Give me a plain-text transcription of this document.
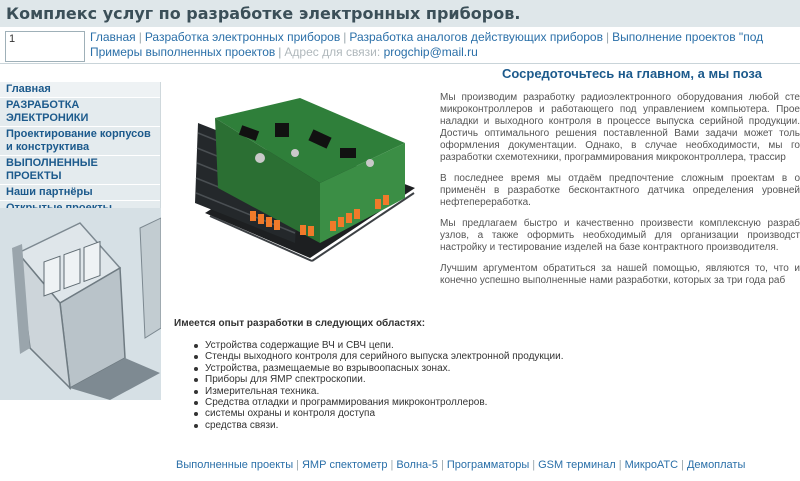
Комплекс услуг по разработке электронных приборов.
1	Главная | Разработка электронных приборов | Разработка аналогов действующих приборов | Выполнение проектов "под
Примеры выполненных проектов | Адрес для связи: progchip@mail.ru
Сосредоточьтесь на главном, а мы поза
Главная
РАЗРАБОТКА ЭЛЕКТРОНИКИ
Проектирование корпусов и конструктива
ВЫПОЛНЕННЫЕ ПРОЕКТЫ
Наши партнёры

Мы производим разработку радиоэлектронного оборудования любой сте микроконтроллеров и работающего под управлением компьютера. Прое наладки и выходного контроля в процессе выпуска серийной продукции. Достичь оптимального решения поставленной Вами задачи может толь оформления документации. Однако, в случае необходимости, мы го разработки схемотехники, программирования микроконтроллера, трассир

В последнее время мы отдаём предпочтение сложным проектам в о применён в разработке бесконтактного датчика определения уровней нефтепереработка.

Мы предлагаем быстро и качественно произвести комплексную разраб узлов, а также оформить необходимый для организации производст настройку и тестирование изделей на базе контрактного производителя.

Лучшим аргументом обратиться за нашей помощью, являются то, что и конечно успешно выполненные нами разработки, которых за три года раб

Имеется опыт разработки в следующих областях:
Устройства содержащие ВЧ и СВЧ цепи.
Стенды выходного контроля для серийного выпуска электронной продукции.
Устройства, размещаемые во взрывоопасных зонах.
Приборы для ЯМР спектроскопии.
Измерительная техника.
Средства отладки и программирования микроконтроллеров.
системы охраны и контроля доступа
средства связи.
Выполненные проекты | ЯМР спектометр | Волна-5 | Программаторы | GSM терминал | МикроАТС | Демоплаты
